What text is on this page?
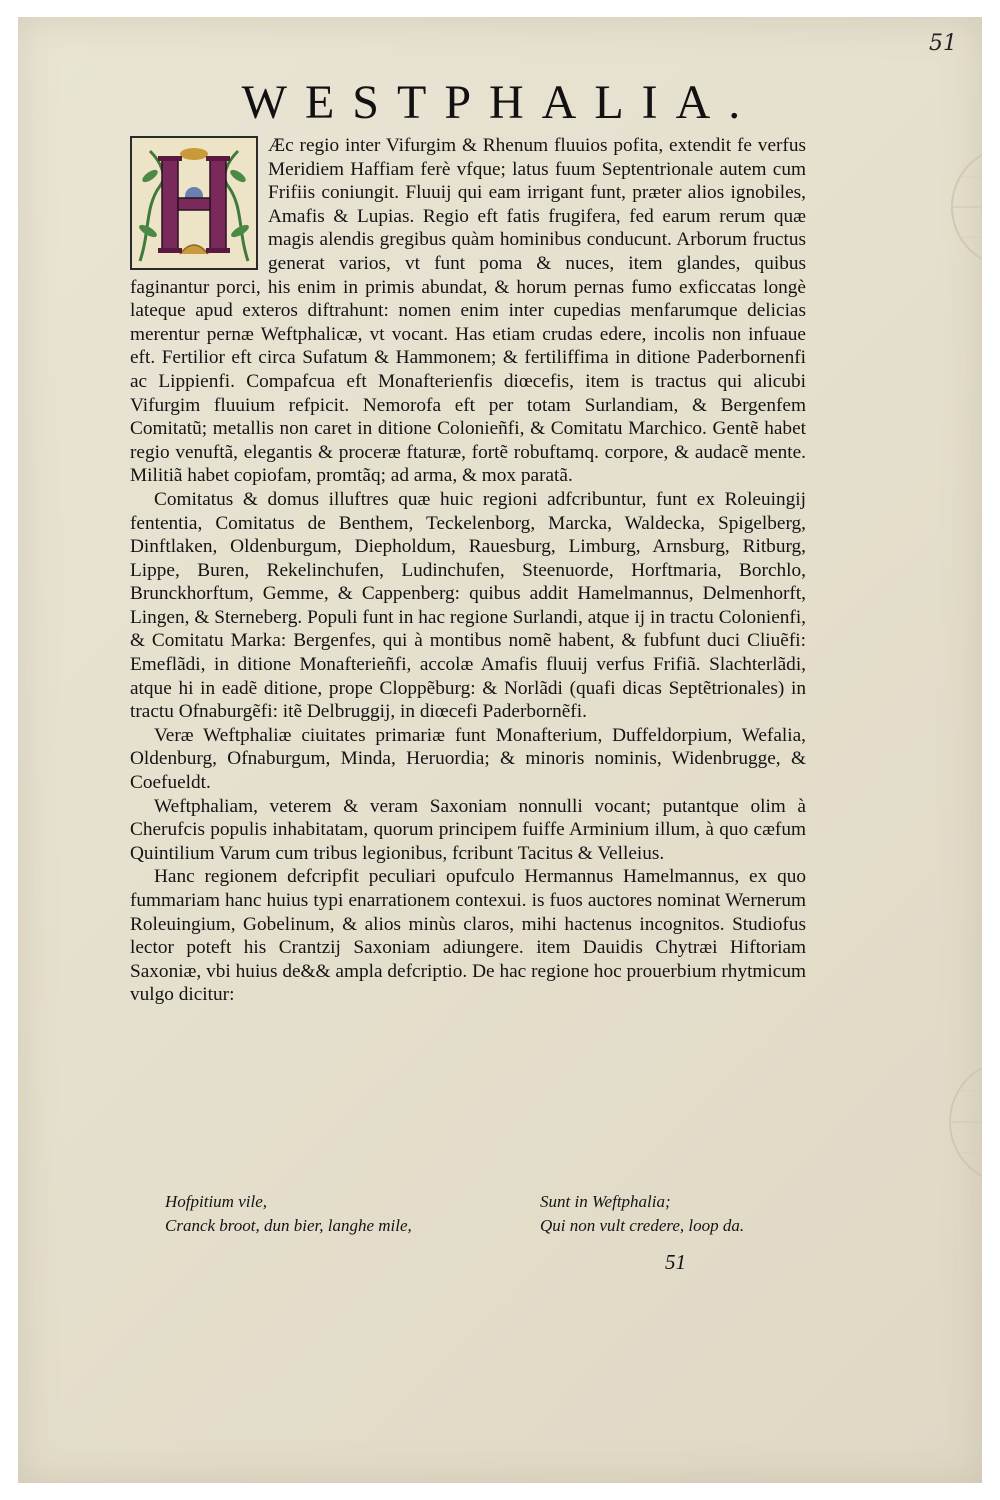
51
WESTPHALIA.

Æc regio inter Vifurgim & Rhenum fluuios pofita, extendit fe verfus Meridiem Haffiam ferè vfque; latus fuum Septentrionale autem cum Frifiis coniungit. Fluuij qui eam irrigant funt, præter alios ignobiles, Amafis & Lupias. Regio eft fatis frugifera, fed earum rerum quæ magis alendis gregibus quàm hominibus conducunt. Arborum fructus generat varios, vt funt poma & nuces, item glandes, quibus faginantur porci, his enim in primis abundat, & horum pernas fumo exficcatas longè lateque apud exteros diftrahunt: nomen enim inter cupedias menfarumque delicias merentur pernæ Weftphalicæ, vt vocant. Has etiam crudas edere, incolis non infuaue eft. Fertilior eft circa Sufatum & Hammonem; & fertiliffima in ditione Paderbornenfi ac Lippienfi. Compafcua eft Monafterienfis diœcefis, item is tractus qui alicubi Vifurgim fluuium refpicit. Nemorofa eft per totam Surlandiam, & Bergenfem Comitatũ; metallis non caret in ditione Colonieñfi, & Comitatu Marchico. Gentẽ habet regio venuftã, elegantis & proceræ ftaturæ, fortẽ robuftamq. corpore, & audacẽ mente. Militiã habet copiofam, promtãq; ad arma, & mox paratã.

Comitatus & domus illuftres quæ huic regioni adfcribuntur, funt ex Roleuingij fententia, Comitatus de Benthem, Teckelenborg, Marcka, Waldecka, Spigelberg, Dinftlaken, Oldenburgum, Diepholdum, Rauesburg, Limburg, Arnsburg, Ritburg, Lippe, Buren, Rekelinchufen, Ludinchufen, Steenuorde, Horftmaria, Borchlo, Brunckhorftum, Gemme, & Cappenberg: quibus addit Hamelmannus, Delmenhorft, Lingen, & Sterneberg. Populi funt in hac regione Surlandi, atque ij in tractu Colonienfi, & Comitatu Marka: Bergenfes, qui à montibus nomẽ habent, & fubfunt duci Cliuẽfi: Emeflãdi, in ditione Monafterieñfi, accolæ Amafis fluuij verfus Frifiã. Slachterlãdi, atque hi in eadẽ ditione, prope Cloppẽburg: & Norlãdi (quafi dicas Septẽtrionales) in tractu Ofnaburgẽfi: itẽ Delbruggij, in diœcefi Paderbornẽfi.

Veræ Weftphaliæ ciuitates primariæ funt Monafterium, Duffeldorpium, Wefalia, Oldenburg, Ofnaburgum, Minda, Heruordia; & minoris nominis, Widenbrugge, & Coefueldt.

Weftphaliam, veterem & veram Saxoniam nonnulli vocant; putantque olim à Cherufcis populis inhabitatam, quorum principem fuiffe Arminium illum, à quo cæfum Quintilium Varum cum tribus legionibus, fcribunt Tacitus & Velleius.

Hanc regionem defcripfit peculiari opufculo Hermannus Hamelmannus, ex quo fummariam hanc huius typi enarrationem contexui. is fuos auctores nominat Wernerum Roleuingium, Gobelinum, & alios minùs claros, mihi hactenus incognitos. Studiofus lector poteft his Crantzij Saxoniam adiungere. item Dauidis Chytræi Hiftoriam Saxoniæ, vbi huius de&& ampla defcriptio. De hac regione hoc prouerbium rhytmicum vulgo dicitur:

Hofpitium vile,	Sunt in Weftphalia;
Cranck broot, dun bier, langhe mile,	Qui non vult credere, loop da.
51
